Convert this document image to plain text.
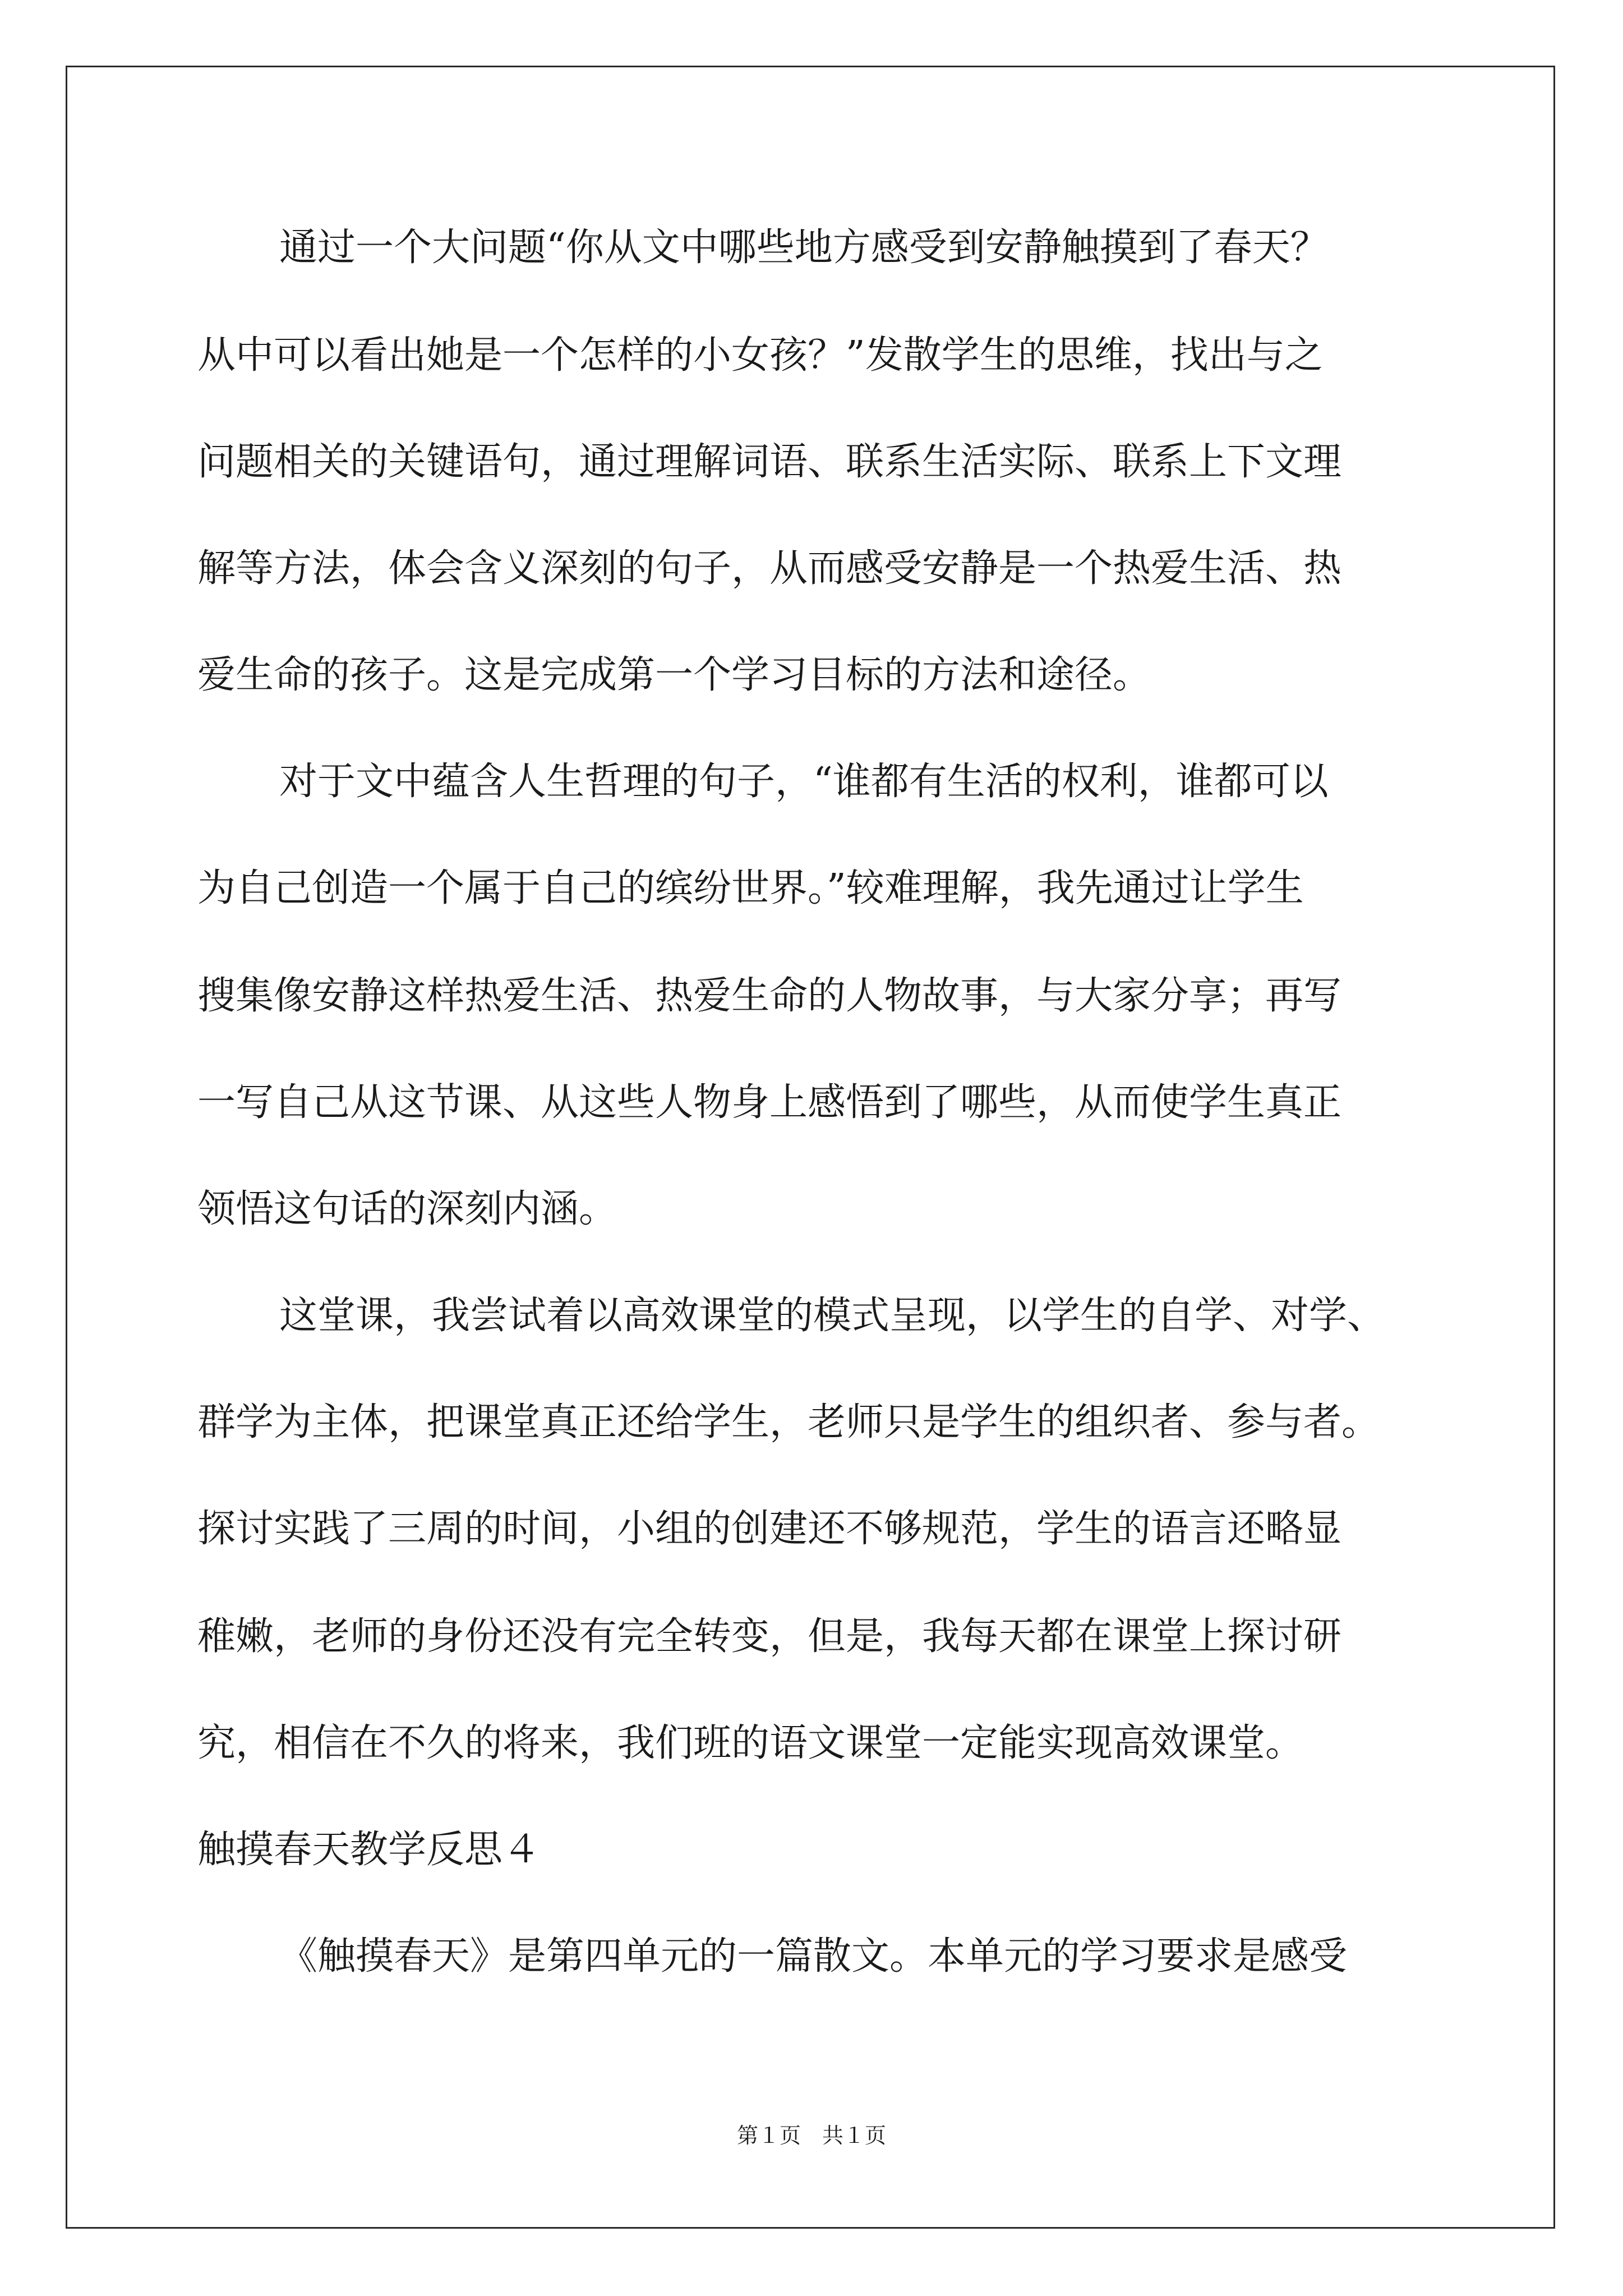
通过一个大问题“你从文中哪些地方感受到安静触摸到了春天？
从中可以看出她是一个怎样的小女孩？”发散学生的思维，找出与之
问题相关的关键语句，通过理解词语、联系生活实际、联系上下文理
解等方法，体会含义深刻的句子，从而感受安静是一个热爱生活、热
爱生命的孩子。这是完成第一个学习目标的方法和途径。
对于文中蕴含人生哲理的句子，“谁都有生活的权利，谁都可以
为自己创造一个属于自己的缤纷世界。”较难理解，我先通过让学生
搜集像安静这样热爱生活、热爱生命的人物故事，与大家分享；再写
一写自己从这节课、从这些人物身上感悟到了哪些，从而使学生真正
领悟这句话的深刻内涵。
这堂课，我尝试着以高效课堂的模式呈现，以学生的自学、对学、
群学为主体，把课堂真正还给学生，老师只是学生的组织者、参与者。
探讨实践了三周的时间，小组的创建还不够规范，学生的语言还略显
稚嫩，老师的身份还没有完全转变，但是，我每天都在课堂上探讨研
究，相信在不久的将来，我们班的语文课堂一定能实现高效课堂。
触摸春天教学反思４
《触摸春天》是第四单元的一篇散文。本单元的学习要求是感受
第１页　共１页
